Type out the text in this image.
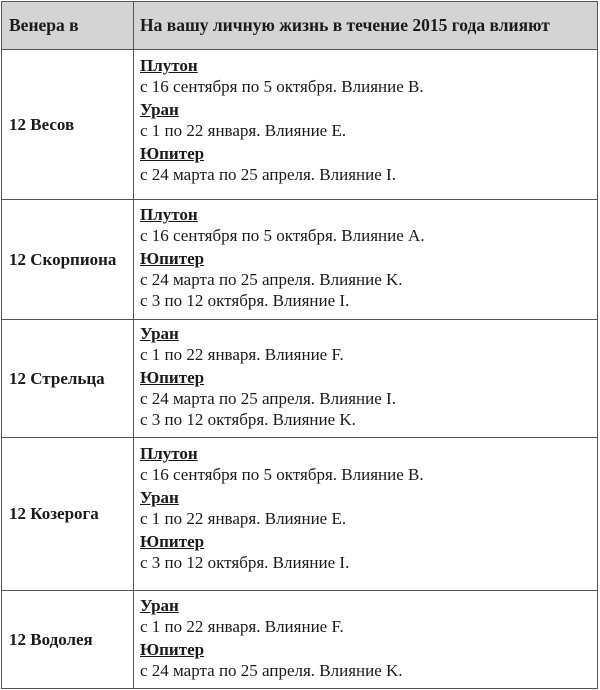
Венера в	На вашу личную жизнь в течение 2015 года влияют
12 Весов
Плутон
с 16 сентября по 5 октября. Влияние B.
Уран
с 1 по 22 января. Влияние E.
Юпитер
с 24 марта по 25 апреля. Влияние I.
12 Скорпиона
Плутон
с 16 сентября по 5 октября. Влияние A.
Юпитер
с 24 марта по 25 апреля. Влияние K.
с 3 по 12 октября. Влияние I.
12 Стрельца
Уран
с 1 по 22 января. Влияние F.
Юпитер
с 24 марта по 25 апреля. Влияние I.
с 3 по 12 октября. Влияние K.
12 Козерога
Плутон
с 16 сентября по 5 октября. Влияние B.
Уран
с 1 по 22 января. Влияние E.
Юпитер
с 3 по 12 октября. Влияние I.
12 Водолея
Уран
с 1 по 22 января. Влияние F.
Юпитер
с 24 марта по 25 апреля. Влияние K.
